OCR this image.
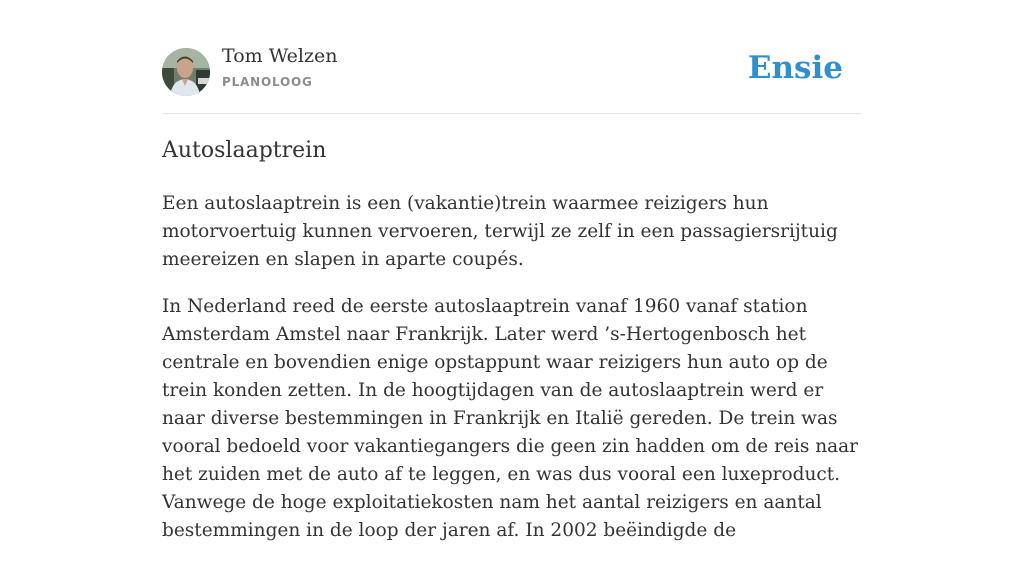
Tom Welzen
PLANOLOOG	Ensie
Autoslaaptrein

Een autoslaaptrein is een (vakantie)trein waarmee reizigers hun motorvoertuig kunnen vervoeren, terwijl ze zelf in een passagiersrijtuig meereizen en slapen in aparte coupés.

In Nederland reed de eerste autoslaaptrein vanaf 1960 vanaf station Amsterdam Amstel naar Frankrijk. Later werd ’s-Hertogenbosch het centrale en bovendien enige opstappunt waar reizigers hun auto op de trein konden zetten. In de hoogtijdagen van de autoslaaptrein werd er naar diverse bestemmingen in Frankrijk en Italië gereden. De trein was vooral bedoeld voor vakantiegangers die geen zin hadden om de reis naar het zuiden met de auto af te leggen, en was dus vooral een luxeproduct. Vanwege de hoge exploitatiekosten nam het aantal reizigers en aantal bestemmingen in de loop der jaren af. In 2002 beëindigde de
